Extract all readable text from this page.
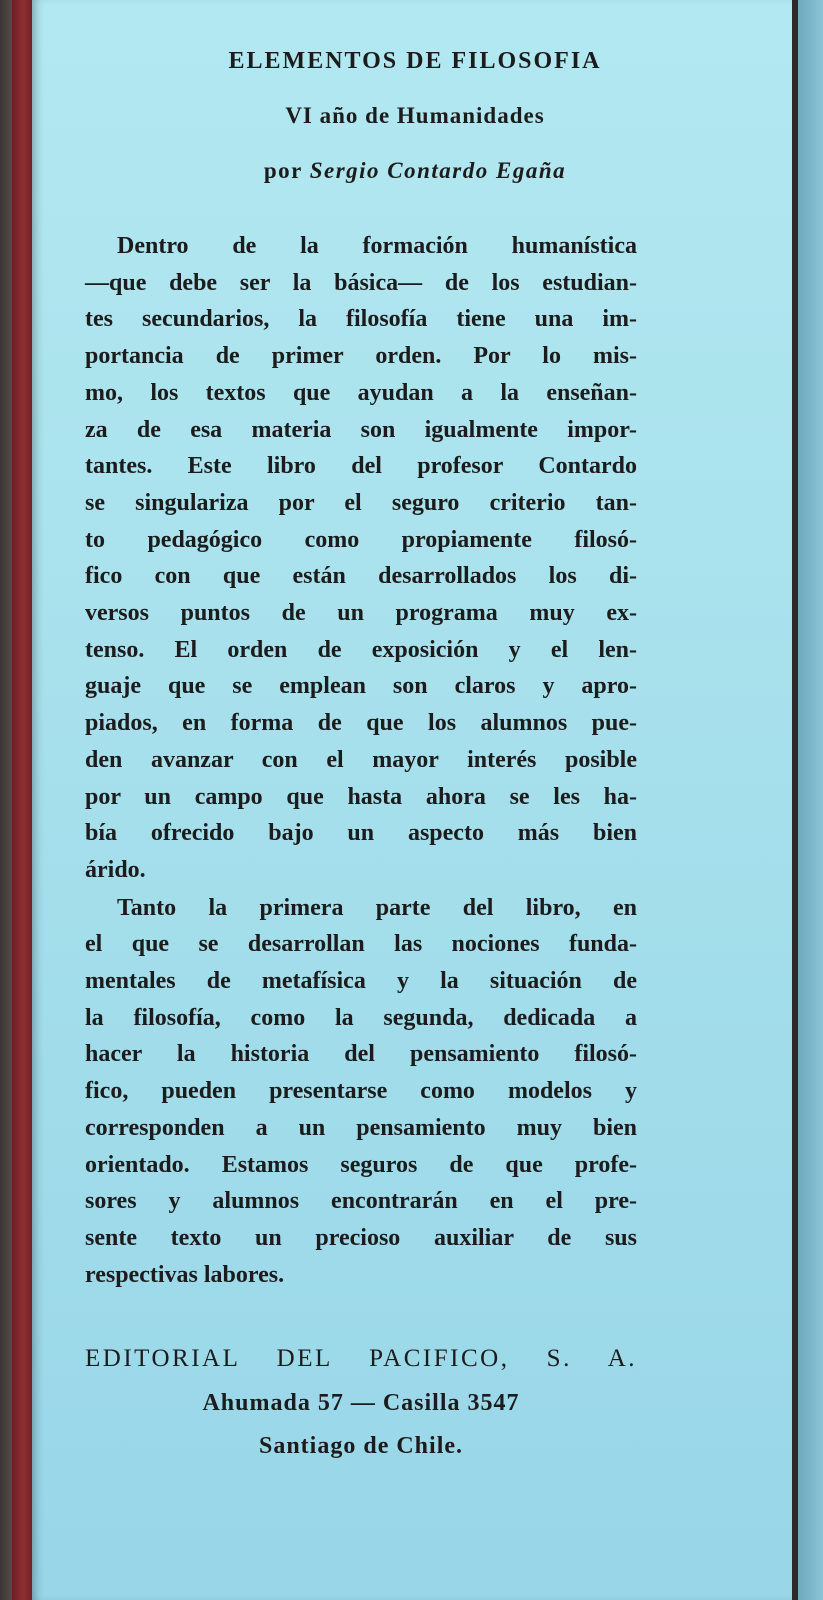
ELEMENTOS DE FILOSOFIA
VI año de Humanidades
por Sergio Contardo Egaña

Dentro de la formación humanística
—que debe ser la básica— de los estudian-
tes secundarios, la filosofía tiene una im-
portancia de primer orden. Por lo mis-
mo, los textos que ayudan a la enseñan-
za de esa materia son igualmente impor-
tantes. Este libro del profesor Contardo
se singulariza por el seguro criterio tan-
to pedagógico como propiamente filosó-
fico con que están desarrollados los di-
versos puntos de un programa muy ex-
tenso. El orden de exposición y el len-
guaje que se emplean son claros y apro-
piados, en forma de que los alumnos pue-
den avanzar con el mayor interés posible
por un campo que hasta ahora se les ha-
bía ofrecido bajo un aspecto más bien
árido.

Tanto la primera parte del libro, en
el que se desarrollan las nociones funda-
mentales de metafísica y la situación de
la filosofía, como la segunda, dedicada a
hacer la historia del pensamiento filosó-
fico, pueden presentarse como modelos y
corresponden a un pensamiento muy bien
orientado. Estamos seguros de que profe-
sores y alumnos encontrarán en el pre-
sente texto un precioso auxiliar de sus
respectivas labores.

EDITORIAL DEL PACIFICO, S. A.
Ahumada 57 — Casilla 3547
Santiago de Chile.
